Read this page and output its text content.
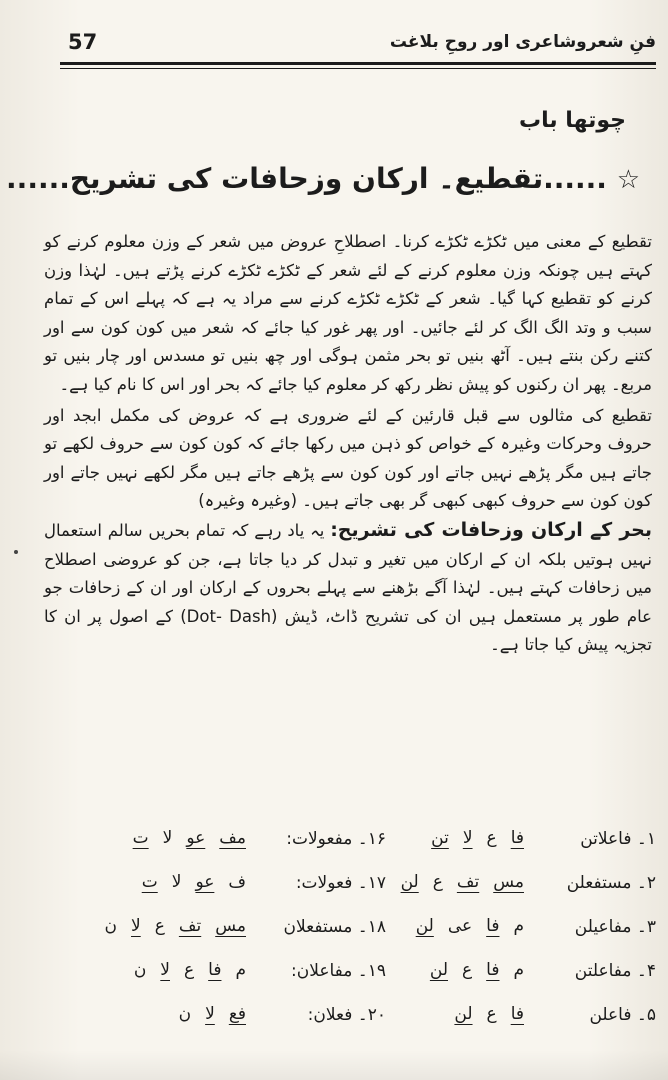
57	فنِ شعروشاعری اور روحِ بلاغت
چوتھا باب
☆ ......تقطیع۔ ارکان وزحافات کی تشریح......

تقطیع کے معنی میں ٹکڑے ٹکڑے کرنا۔ اصطلاحِ عروض میں شعر کے وزن معلوم کرنے کو کہتے ہیں چونکہ وزن معلوم کرنے کے لئے شعر کے ٹکڑے ٹکڑے کرنے پڑتے ہیں۔ لہٰذا وزن کرنے کو تقطیع کہا گیا۔ شعر کے ٹکڑے ٹکڑے کرنے سے مراد یہ ہے کہ پہلے اس کے تمام سبب و وتد الگ الگ کر لئے جائیں۔ اور پھر غور کیا جائے کہ شعر میں کون کون سے اور کتنے رکن بنتے ہیں۔ آٹھ بنیں تو بحر مثمن ہوگی اور چھ بنیں تو مسدس اور چار بنیں تو مربع۔ پھر ان رکنوں کو پیش نظر رکھ کر معلوم کیا جائے کہ بحر اور اس کا نام کیا ہے۔

تقطیع کی مثالوں سے قبل قارئین کے لئے ضروری ہے کہ عروض کی مکمل ابجد اور حروف وحرکات وغیرہ کے خواص کو ذہن میں رکھا جائے کہ کون کون سے حروف لکھے تو جاتے ہیں مگر پڑھے نہیں جاتے اور کون کون سے پڑھے جاتے ہیں مگر لکھے نہیں جاتے اور کون کون سے حروف کبھی کبھی گر بھی جاتے ہیں۔ (وغیرہ وغیرہ)

بحر کے ارکان وزحافات کی تشریح: یہ یاد رہے کہ تمام بحریں سالم استعمال نہیں ہوتیں بلکہ ان کے ارکان میں تغیر و تبدل کر دیا جاتا ہے، جن کو عروضی اصطلاح میں زحافات کہتے ہیں۔ لہٰذا آگے بڑھنے سے پہلے بحروں کے ارکان اور ان کے زحافات جو عام طور پر مستعمل ہیں ان کی تشریح ڈاٹ، ڈیش (Dot- Dash) کے اصول پر ان کا تجزیہ پیش کیا جاتا ہے۔

۱۔ فاعلاتن
فاعلاتن
۱۶۔ مفعولات:
مفعولات
۲۔ مستفعلن
مستفعلن
۱۷۔ فعولات:
فعولات
۳۔ مفاعیلن
مفاعیلن
۱۸۔ مستفعلان
مستفعلان
۴۔ مفاعلتن
مفاعلن
۱۹۔ مفاعلان:
مفاعلان
۵۔ فاعلن
فاعلن
۲۰۔ فعلان:
فعلان
